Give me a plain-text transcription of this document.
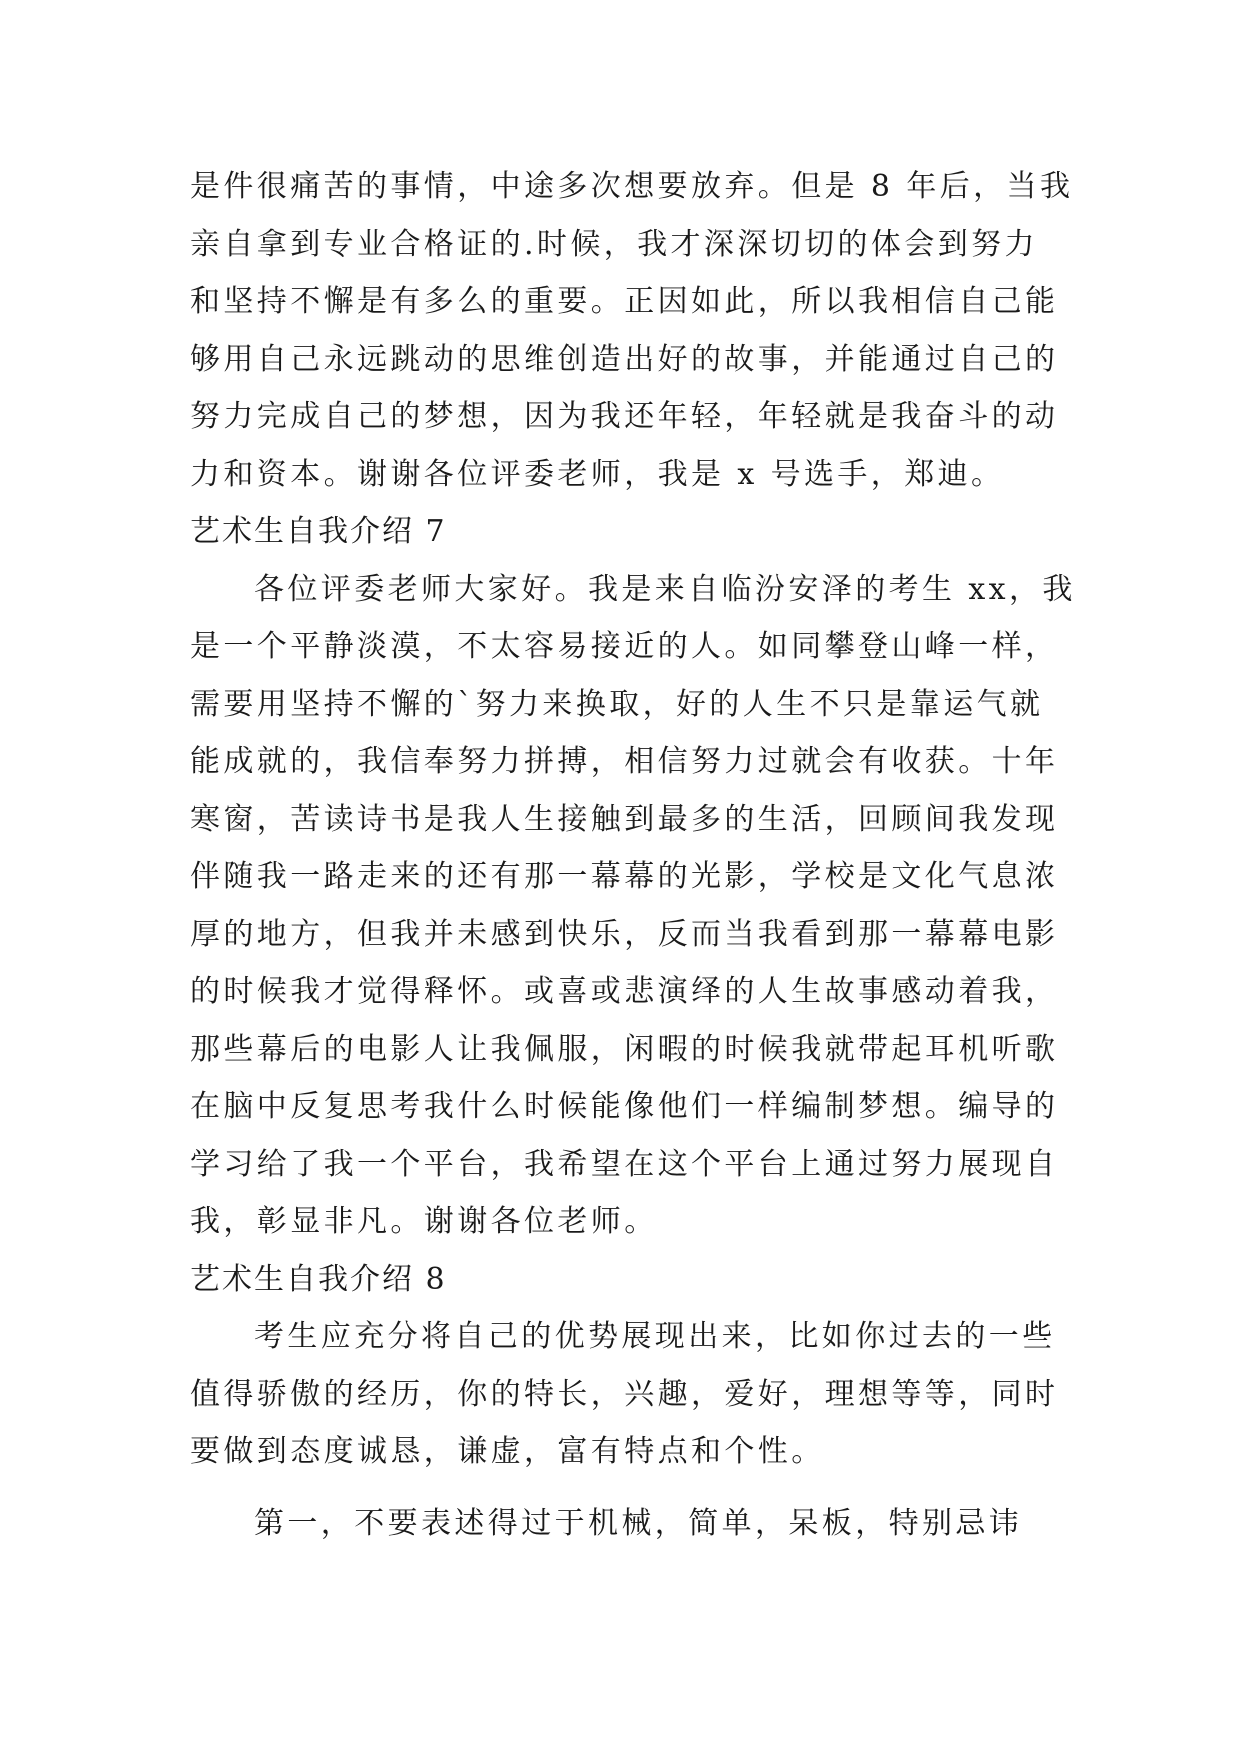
是件很痛苦的事情，中途多次想要放弃。但是 8 年后，当我
亲自拿到专业合格证的.时候，我才深深切切的体会到努力
和坚持不懈是有多么的重要。正因如此，所以我相信自己能
够用自己永远跳动的思维创造出好的故事，并能通过自己的
努力完成自己的梦想，因为我还年轻，年轻就是我奋斗的动
力和资本。谢谢各位评委老师，我是 x 号选手，郑迪。
艺术生自我介绍 7
各位评委老师大家好。我是来自临汾安泽的考生 xx，我
是一个平静淡漠，不太容易接近的人。如同攀登山峰一样，
需要用坚持不懈的`努力来换取，好的人生不只是靠运气就
能成就的，我信奉努力拼搏，相信努力过就会有收获。十年
寒窗，苦读诗书是我人生接触到最多的生活，回顾间我发现
伴随我一路走来的还有那一幕幕的光影，学校是文化气息浓
厚的地方，但我并未感到快乐，反而当我看到那一幕幕电影
的时候我才觉得释怀。或喜或悲演绎的人生故事感动着我，
那些幕后的电影人让我佩服，闲暇的时候我就带起耳机听歌
在脑中反复思考我什么时候能像他们一样编制梦想。编导的
学习给了我一个平台，我希望在这个平台上通过努力展现自
我，彰显非凡。谢谢各位老师。
艺术生自我介绍 8
考生应充分将自己的优势展现出来，比如你过去的一些
值得骄傲的经历，你的特长，兴趣，爱好，理想等等，同时
要做到态度诚恳，谦虚，富有特点和个性。
第一，不要表述得过于机械，简单，呆板，特别忌讳
